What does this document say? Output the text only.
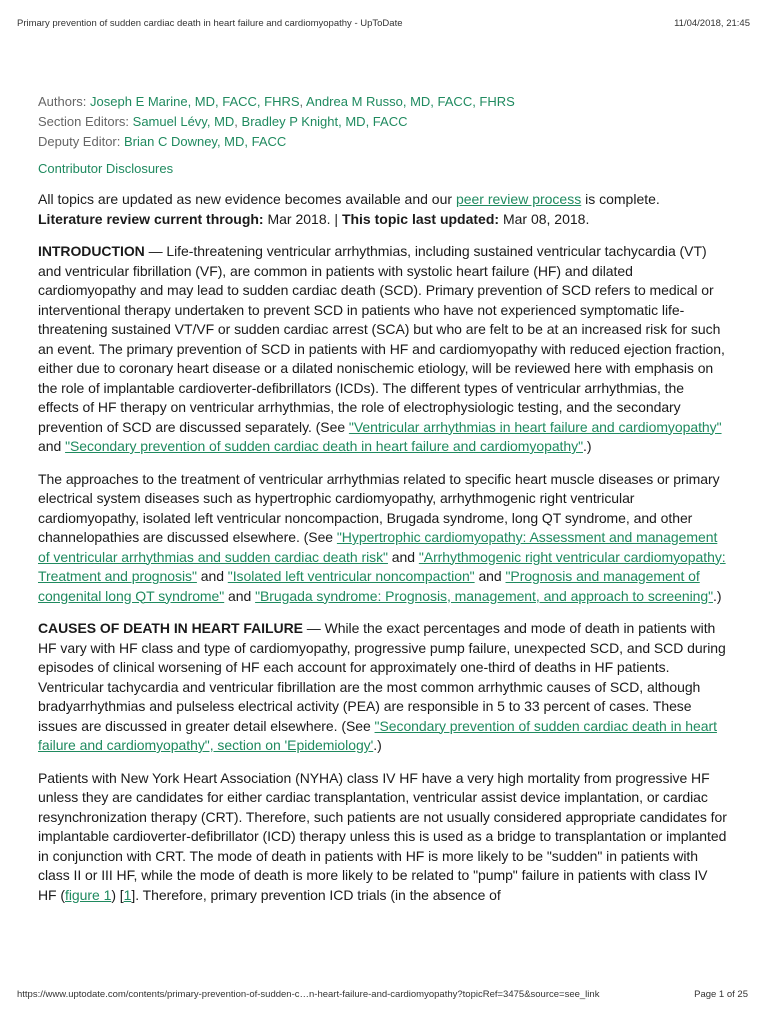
Primary prevention of sudden cardiac death in heart failure and cardiomyopathy - UpToDate	11/04/2018, 21:45
Authors: Joseph E Marine, MD, FACC, FHRS, Andrea M Russo, MD, FACC, FHRS
Section Editors: Samuel Lévy, MD, Bradley P Knight, MD, FACC
Deputy Editor: Brian C Downey, MD, FACC
Contributor Disclosures
All topics are updated as new evidence becomes available and our peer review process is complete.
Literature review current through: Mar 2018. | This topic last updated: Mar 08, 2018.

INTRODUCTION — Life-threatening ventricular arrhythmias, including sustained ventricular tachycardia (VT) and ventricular fibrillation (VF), are common in patients with systolic heart failure (HF) and dilated cardiomyopathy and may lead to sudden cardiac death (SCD). Primary prevention of SCD refers to medical or interventional therapy undertaken to prevent SCD in patients who have not experienced symptomatic life-threatening sustained VT/VF or sudden cardiac arrest (SCA) but who are felt to be at an increased risk for such an event. The primary prevention of SCD in patients with HF and cardiomyopathy with reduced ejection fraction, either due to coronary heart disease or a dilated nonischemic etiology, will be reviewed here with emphasis on the role of implantable cardioverter-defibrillators (ICDs). The different types of ventricular arrhythmias, the effects of HF therapy on ventricular arrhythmias, the role of electrophysiologic testing, and the secondary prevention of SCD are discussed separately. (See "Ventricular arrhythmias in heart failure and cardiomyopathy" and "Secondary prevention of sudden cardiac death in heart failure and cardiomyopathy".)

The approaches to the treatment of ventricular arrhythmias related to specific heart muscle diseases or primary electrical system diseases such as hypertrophic cardiomyopathy, arrhythmogenic right ventricular cardiomyopathy, isolated left ventricular noncompaction, Brugada syndrome, long QT syndrome, and other channelopathies are discussed elsewhere. (See "Hypertrophic cardiomyopathy: Assessment and management of ventricular arrhythmias and sudden cardiac death risk" and "Arrhythmogenic right ventricular cardiomyopathy: Treatment and prognosis" and "Isolated left ventricular noncompaction" and "Prognosis and management of congenital long QT syndrome" and "Brugada syndrome: Prognosis, management, and approach to screening".)

CAUSES OF DEATH IN HEART FAILURE — While the exact percentages and mode of death in patients with HF vary with HF class and type of cardiomyopathy, progressive pump failure, unexpected SCD, and SCD during episodes of clinical worsening of HF each account for approximately one-third of deaths in HF patients. Ventricular tachycardia and ventricular fibrillation are the most common arrhythmic causes of SCD, although bradyarrhythmias and pulseless electrical activity (PEA) are responsible in 5 to 33 percent of cases. These issues are discussed in greater detail elsewhere. (See "Secondary prevention of sudden cardiac death in heart failure and cardiomyopathy", section on 'Epidemiology'.)

Patients with New York Heart Association (NYHA) class IV HF have a very high mortality from progressive HF unless they are candidates for either cardiac transplantation, ventricular assist device implantation, or cardiac resynchronization therapy (CRT). Therefore, such patients are not usually considered appropriate candidates for implantable cardioverter-defibrillator (ICD) therapy unless this is used as a bridge to transplantation or implanted in conjunction with CRT. The mode of death in patients with HF is more likely to be "sudden" in patients with class II or III HF, while the mode of death is more likely to be related to "pump" failure in patients with class IV HF (figure 1) [1]. Therefore, primary prevention ICD trials (in the absence of

https://www.uptodate.com/contents/primary-prevention-of-sudden-c…n-heart-failure-and-cardiomyopathy?topicRef=3475&source=see_link	Page 1 of 25
